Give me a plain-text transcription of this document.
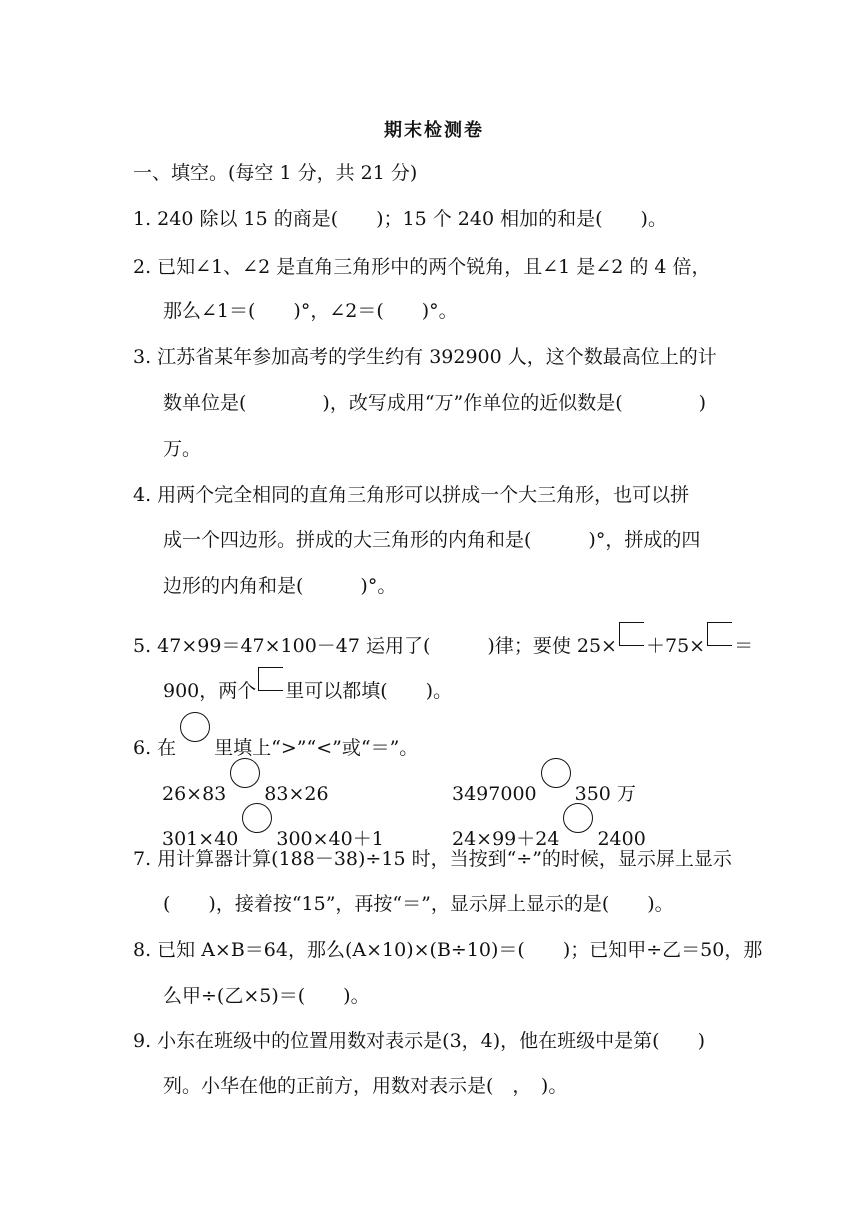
期末检测卷
一、填空。(每空 1 分，共 21 分)
1. 240 除以 15 的商是(　　)；15 个 240 相加的和是(　　)。
2. 已知∠1、∠2 是直角三角形中的两个锐角，且∠1 是∠2 的 4 倍，
那么∠1＝(　　)°，∠2＝(　　)°。
3. 江苏省某年参加高考的学生约有 392900 人，这个数最高位上的计
数单位是(　　　　)，改写成用“万”作单位的近似数是(　　　　)
万。
4. 用两个完全相同的直角三角形可以拼成一个大三角形，也可以拼
成一个四边形。拼成的大三角形的内角和是(　　　)°，拼成的四
边形的内角和是(　　　)°。
5. 47×99＝47×100－47 运用了(　　　)律；要使 25× ＋75× ＝
900，两个 里可以都填(　　)。
6. 在 里填上“>”“<”或“＝”。
26×83 83×26	3497000 350 万
301×40 300×40＋1	24×99＋24 2400
7. 用计算器计算(188－38)÷15 时，当按到“÷”的时候，显示屏上显示
(　　)，接着按“15”，再按“＝”，显示屏上显示的是(　　)。
8. 已知 A×B＝64，那么(A×10)×(B÷10)＝(　　)；已知甲÷乙＝50，那
么甲÷(乙×5)＝(　　)。
9. 小东在班级中的位置用数对表示是(3，4)，他在班级中是第(　　)
列。小华在他的正前方，用数对表示是(　，　)。
